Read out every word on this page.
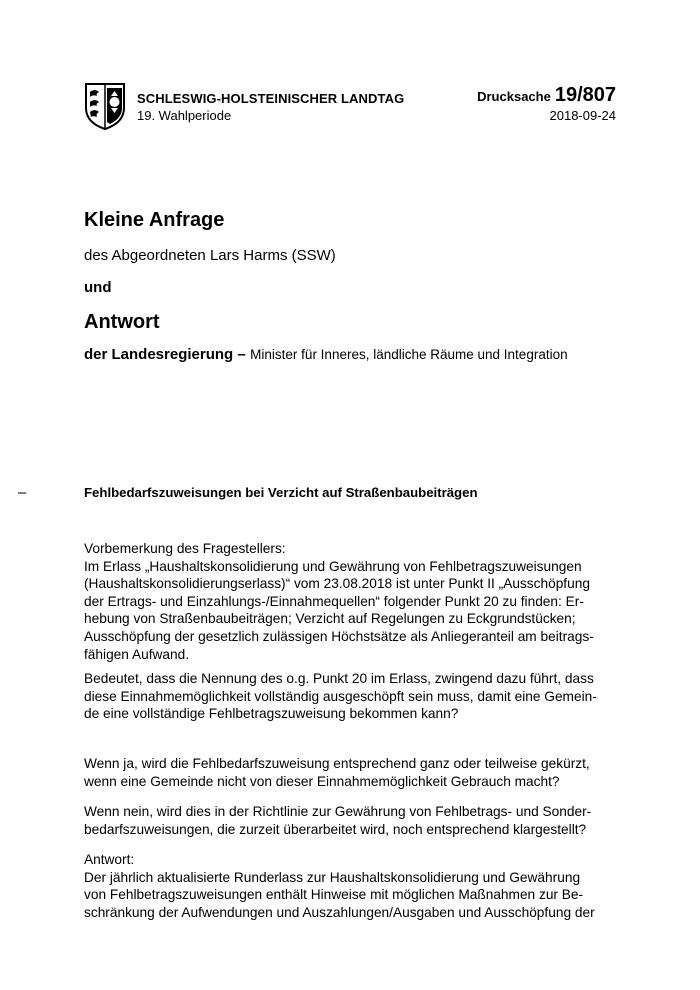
SCHLESWIG-HOLSTEINISCHER LANDTAG
19. Wahlperiode
Drucksache 19/807
2018-09-24
Kleine Anfrage
des Abgeordneten Lars Harms (SSW)
und
Antwort
der Landesregierung – Minister für Inneres, ländliche Räume und Integration
–	Fehlbedarfszuweisungen bei Verzicht auf Straßenbaubeiträgen
Vorbemerkung des Fragestellers:
Im Erlass „Haushaltskonsolidierung und Gewährung von Fehlbetragszuweisungen
(Haushaltskonsolidierungserlass)“ vom 23.08.2018 ist unter Punkt II „Ausschöpfung
der Ertrags- und Einzahlungs-/Einnahmequellen“ folgender Punkt 20 zu finden: Er-
hebung von Straßenbaubeiträgen; Verzicht auf Regelungen zu Eckgrundstücken;
Ausschöpfung der gesetzlich zulässigen Höchstsätze als Anliegeranteil am beitrags-
fähigen Aufwand.
Bedeutet, dass die Nennung des o.g. Punkt 20 im Erlass, zwingend dazu führt, dass
diese Einnahmemöglichkeit vollständig ausgeschöpft sein muss, damit eine Gemein-
de eine vollständige Fehlbetragszuweisung bekommen kann?
Wenn ja, wird die Fehlbedarfszuweisung entsprechend ganz oder teilweise gekürzt,
wenn eine Gemeinde nicht von dieser Einnahmemöglichkeit Gebrauch macht?
Wenn nein, wird dies in der Richtlinie zur Gewährung von Fehlbetrags- und Sonder-
bedarfszuweisungen, die zurzeit überarbeitet wird, noch entsprechend klargestellt?
Antwort:
Der jährlich aktualisierte Runderlass zur Haushaltskonsolidierung und Gewährung
von Fehlbetragszuweisungen enthält Hinweise mit möglichen Maßnahmen zur Be-
schränkung der Aufwendungen und Auszahlungen/Ausgaben und Ausschöpfung der
